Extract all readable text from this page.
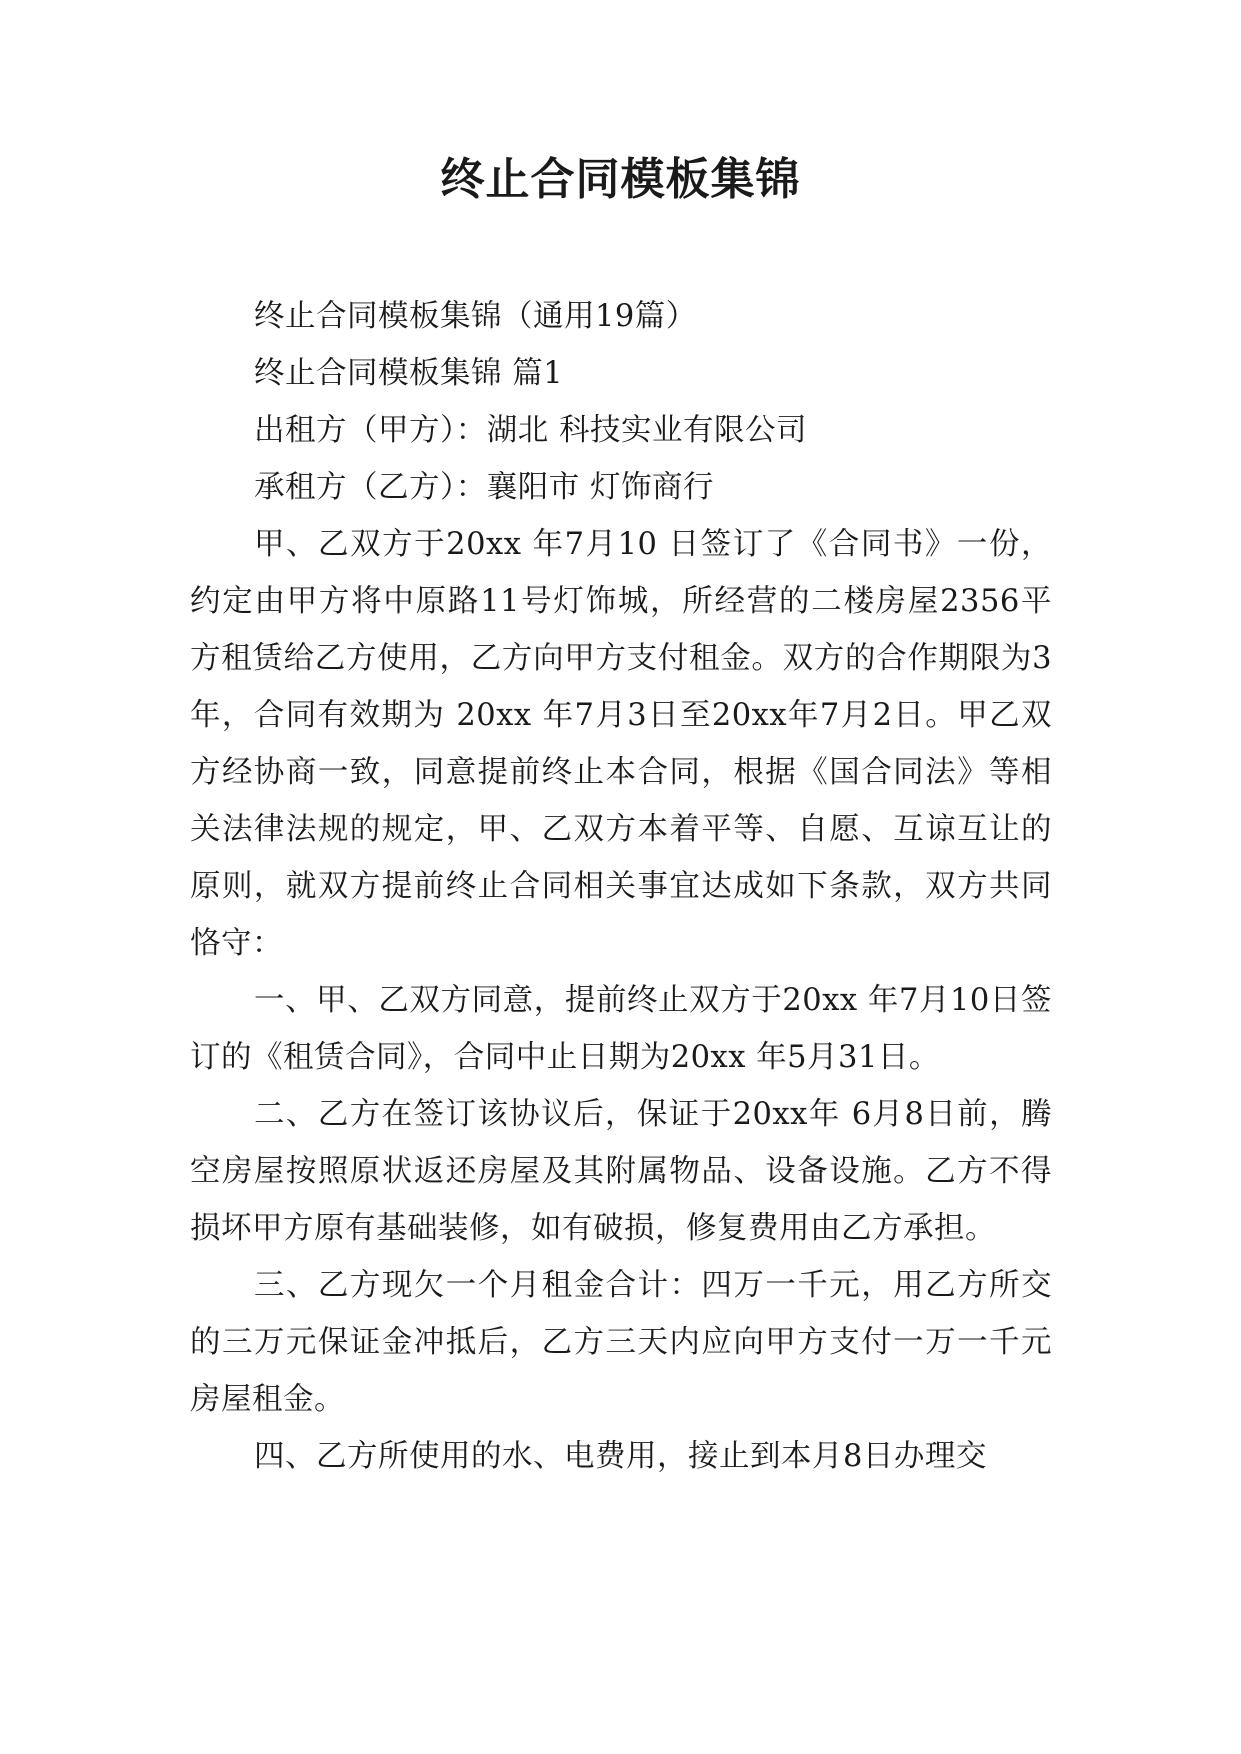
终止合同模板集锦

终止合同模板集锦（通用19篇）

终止合同模板集锦 篇1

出租方（甲方）：湖北 科技实业有限公司

承租方（乙方）：襄阳市 灯饰商行

甲、乙双方于20xx 年7月10 日签订了《合同书》一份，约定由甲方将中原路11号灯饰城，所经营的二楼房屋2356平方租赁给乙方使用，乙方向甲方支付租金。双方的合作期限为3 年，合同有效期为 20xx 年7月3日至20xx年7月2日。甲乙双方经协商一致，同意提前终止本合同，根据《国合同法》等相关法律法规的规定，甲、乙双方本着平等、自愿、互谅互让的原则，就双方提前终止合同相关事宜达成如下条款，双方共同恪守：

一、甲、乙双方同意，提前终止双方于20xx 年7月10日签订的《租赁合同》，合同中止日期为20xx 年5月31日。

二、乙方在签订该协议后，保证于20xx年 6月8日前，腾空房屋按照原状返还房屋及其附属物品、设备设施。乙方不得损坏甲方原有基础装修，如有破损，修复费用由乙方承担。

三、乙方现欠一个月租金合计：四万一千元，用乙方所交的三万元保证金冲抵后，乙方三天内应向甲方支付一万一千元房屋租金。

四、乙方所使用的水、电费用，接止到本月8日办理交
